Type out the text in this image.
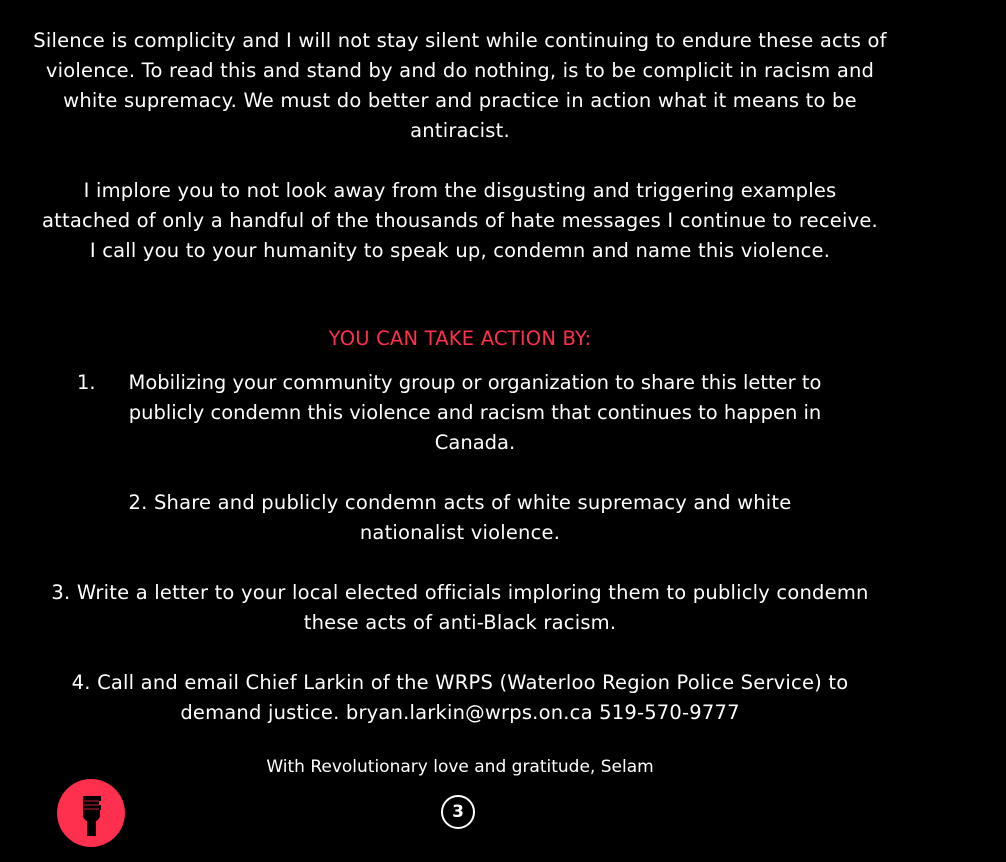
Silence is complicity and I will not stay silent while continuing to endure these acts of violence. To read this and stand by and do nothing, is to be complicit in racism and white supremacy. We must do better and practice in action what it means to be antiracist.

I implore you to not look away from the disgusting and triggering examples attached of only a handful of the thousands of hate messages I continue to receive. I call you to your humanity to speak up, condemn and name this violence.

YOU CAN TAKE ACTION BY:
1.	Mobilizing your community group or organization to share this letter to publicly condemn this violence and racism that continues to happen in Canada.

2. Share and publicly condemn acts of white supremacy and white nationalist violence.

3. Write a letter to your local elected officials imploring them to publicly condemn these acts of anti-Black racism.

4. Call and email Chief Larkin of the WRPS (Waterloo Region Police Service) to demand justice. bryan.larkin@wrps.on.ca 519-570-9777

With Revolutionary love and gratitude, Selam
3
